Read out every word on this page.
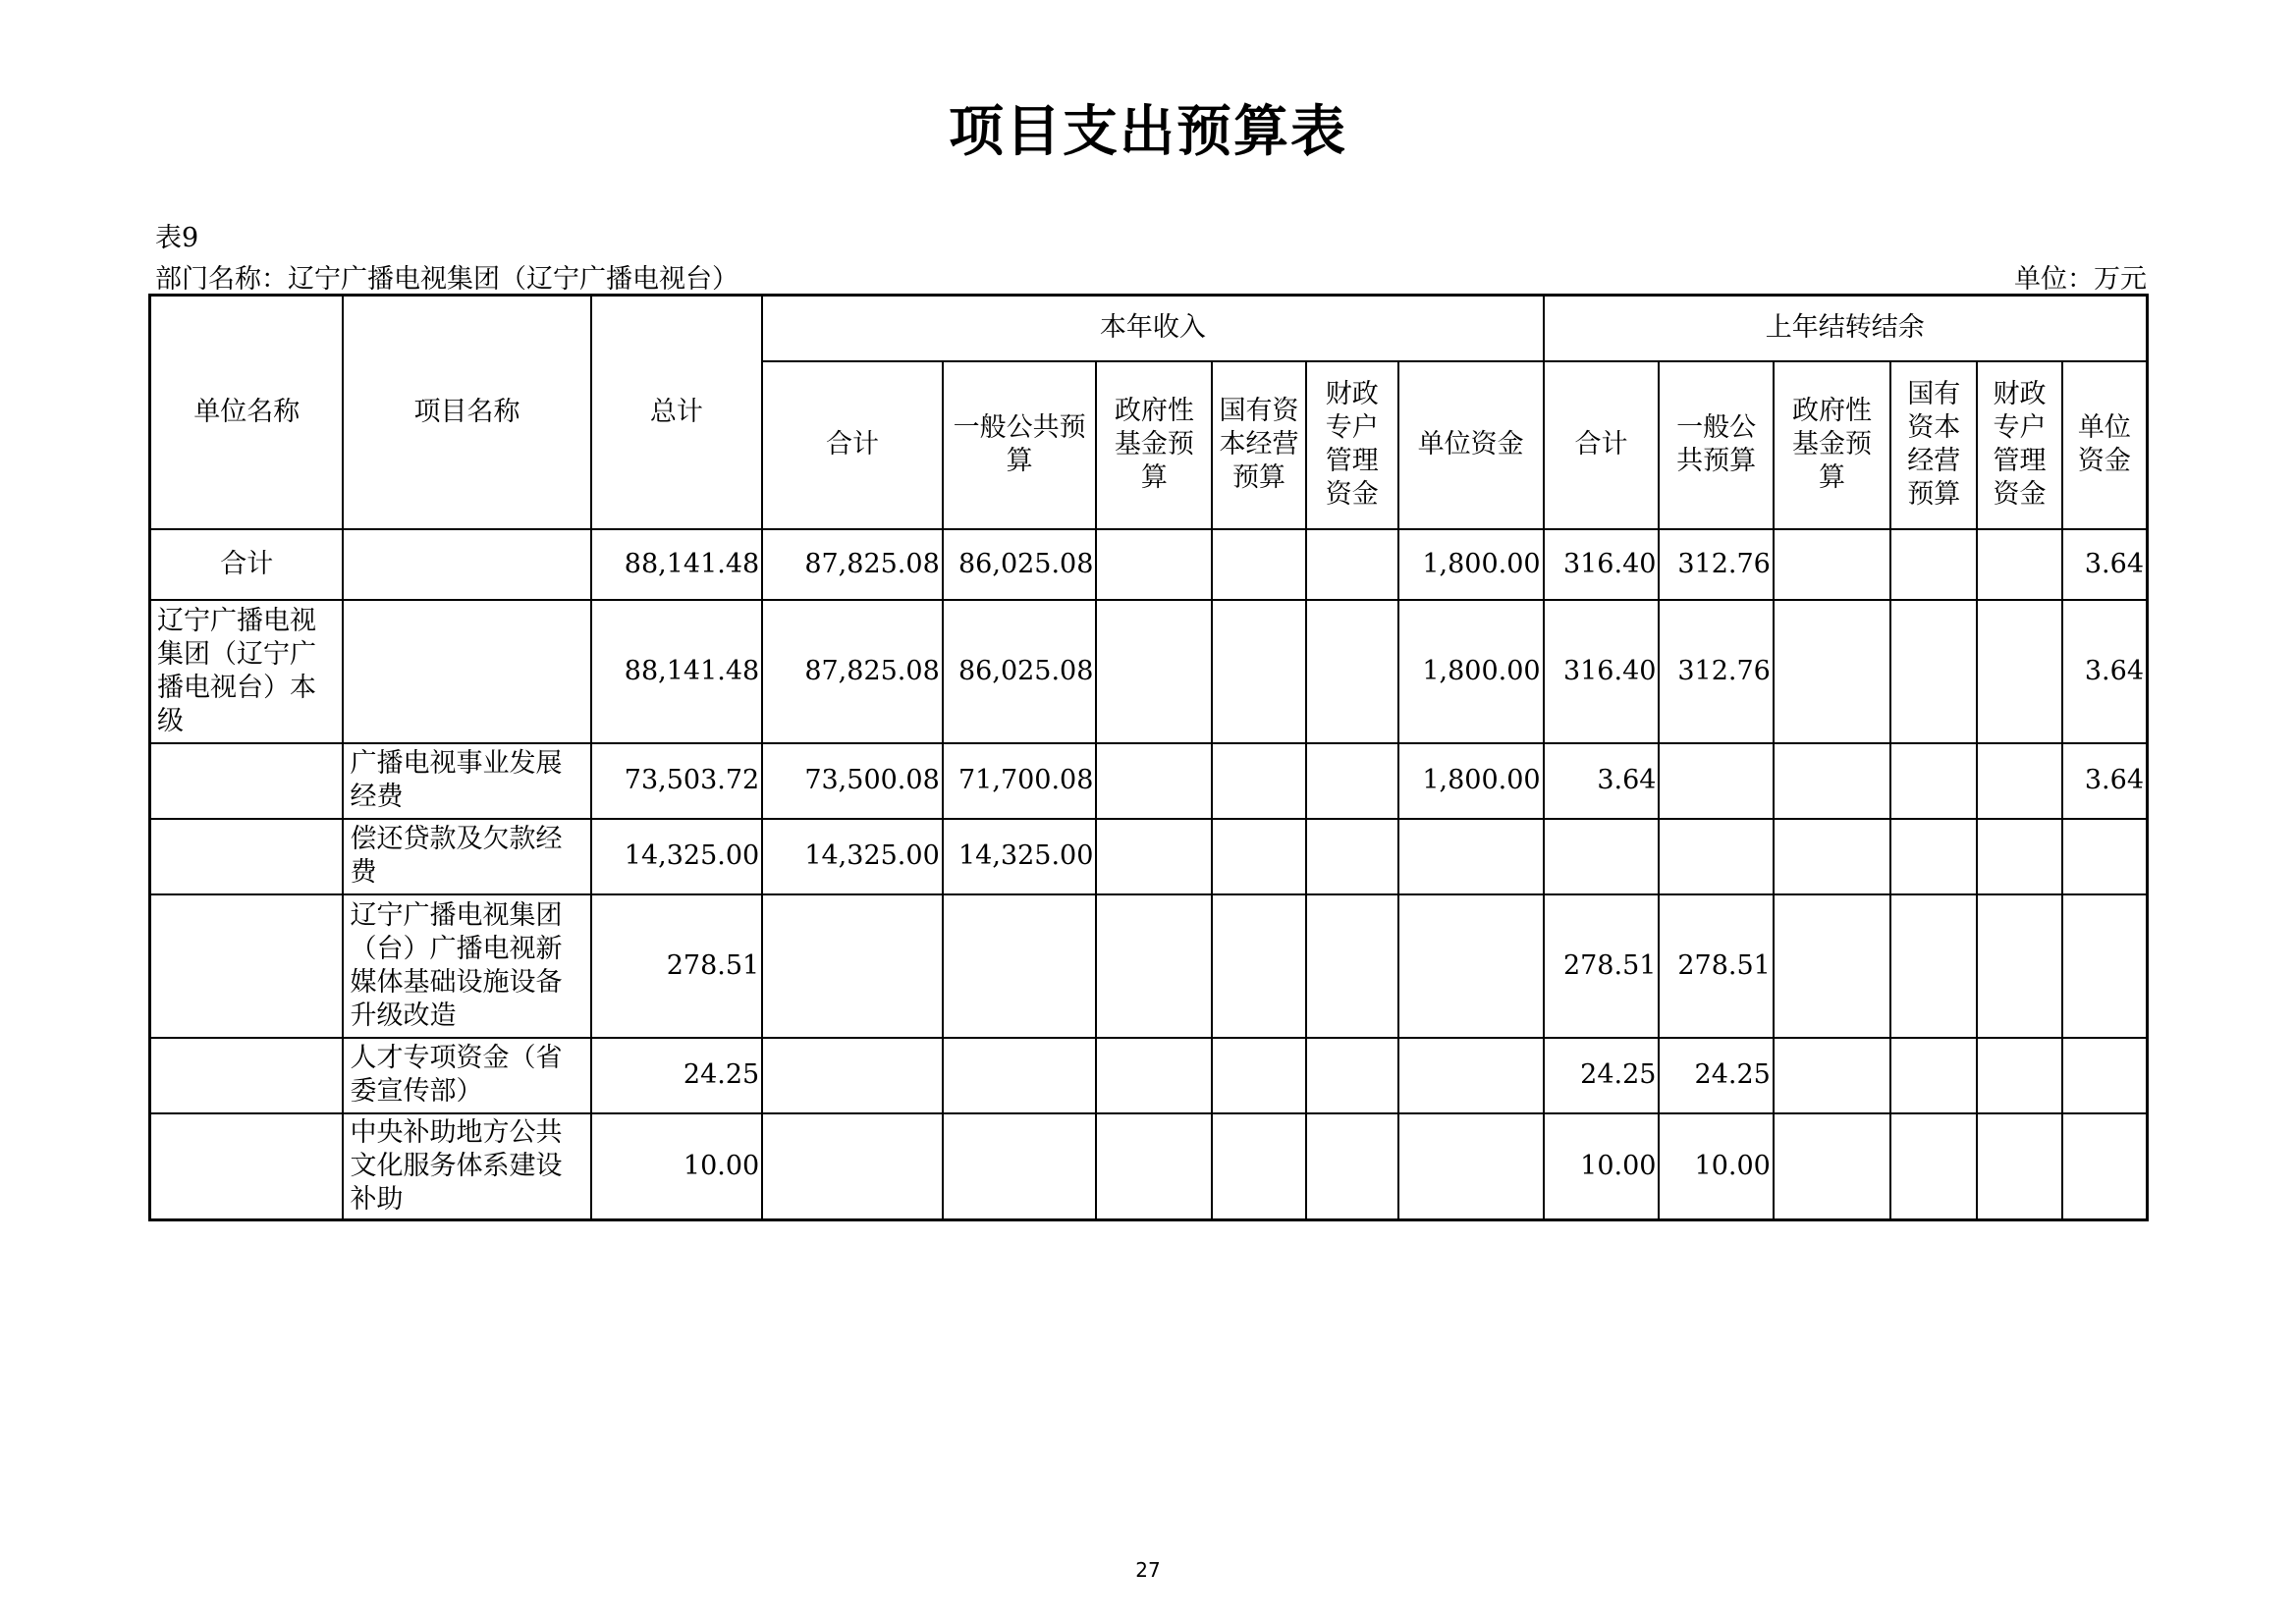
项目支出预算表
表9
部门名称：辽宁广播电视集团（辽宁广播电视台）	单位：万元
单位名称	项目名称	总计	本年收入						上年结转结余					
			合计	一般公共预算	政府性基金预算	国有资本经营预算	财政专户管理资金	单位资金	合计	一般公共预算	政府性基金预算	国有资本经营预算	财政专户管理资金	单位资金
合计		88,141.48	87,825.08	86,025.08				1,800.00	316.40	312.76				3.64
辽宁广播电视集团（辽宁广播电视台）本级		88,141.48	87,825.08	86,025.08				1,800.00	316.40	312.76				3.64
	广播电视事业发展经费	73,503.72	73,500.08	71,700.08				1,800.00	3.64					3.64
	偿还贷款及欠款经费	14,325.00	14,325.00	14,325.00										
	辽宁广播电视集团（台）广播电视新媒体基础设施设备升级改造	278.51							278.51	278.51				
	人才专项资金（省委宣传部）	24.25							24.25	24.25				
	中央补助地方公共文化服务体系建设补助	10.00							10.00	10.00				
27
